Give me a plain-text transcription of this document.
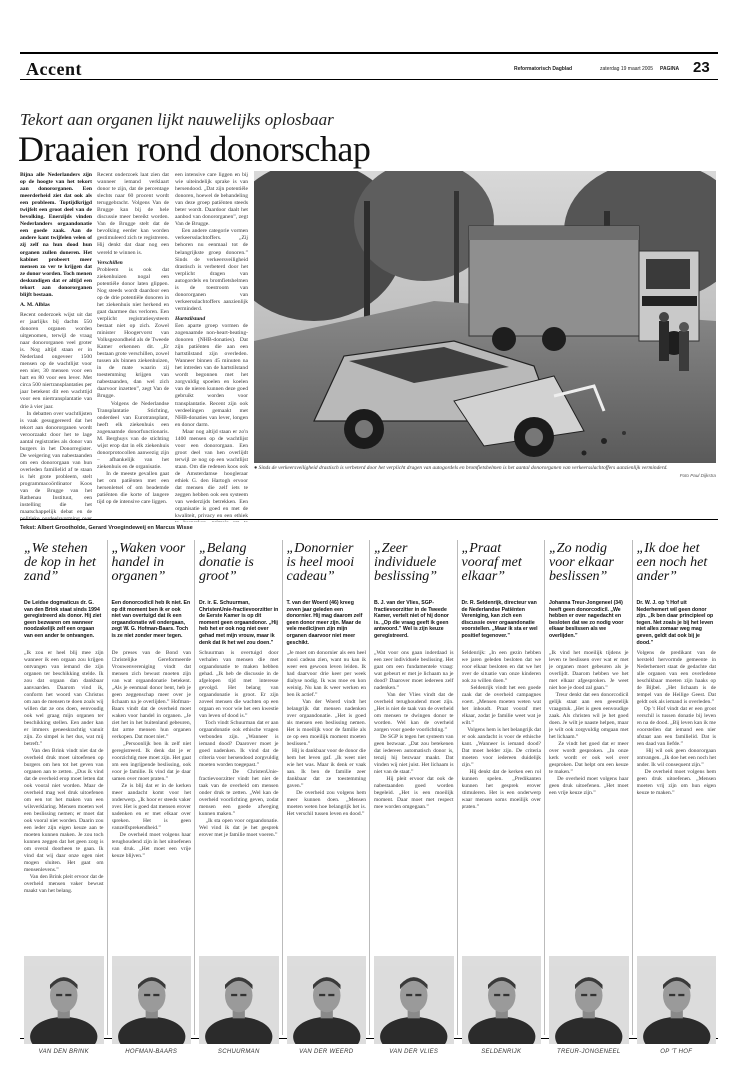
Accent	Reformatorisch Dagblad	zaterdag 19 maart 2005 PAGINA 23
Tekort aan organen lijkt nauwelijks oplosbaar
Draaien rond donorschap
Bijna alle Nederlanders zijn op de hoogte van het tekort aan donororganen. Een meerderheid ziet dat ook als een probleem. Toptijdkrijgd twijfelt een groot deel van de bevolking. Enerzijds vinden Nederlanders orgaandonatie een goede zaak. Aan de andere kant twijfelen velen of zij zelf na hun dood hun organen zullen doneren. Het kabinet probeert meer mensen zo ver te krijgen dat ze donor worden. Toch menen deskundigen dat er altijd een tekort aan donororganen blijft bestaan.
A. M. Alblas
Recent onderzoek wijst uit dat er jaarlijks bij dachts 550 donoren organen worden uitgenomen, terwijl de vraag naar donororganen veel groter is. Nog altijd staan er in Nederland ongeveer 1500 mensen op de wachtlijst voor een nier, 30 mensen voor een hart en 80 voor een lever. Met circa 500 niertransplantaties per jaar betekent dit een wachttijd voor een niertransplantatie van drie à vier jaar.
In debatten over wachtlijsten is vaak gesuggereerd dat het tekort aan donororganen wordt veroorzaakt door het te lage aantal registraties als donor van burgers in het Donorregister. De weigering van nabestaanden om een donororgaan van hun overleden familielid af te staan is hét grote probleem, stelt programmacoördinator Koos van de Brugge van het Rathenau Instituut, een instelling die het maatschappelijk debat en de

Recent onderzoek laat zien dat wanneer iemand verklaart donor te zijn, dat de percentage slechts naar 60 procent wordt teruggebracht. Volgens Van de Brugge kan bij de hele discussie meer bereikt worden. Van de Brugge stelt dat de bevolking eerder kan worden gestimuleerd zich te registreren. Hij denkt dat daar nog een wereld te winnen is.
Verschillen
Probleem is ook dat ziekenhuizen nogal een potentiële donor laten glippen. Nog steeds wordt daardoor een op de drie potentiële donoren in het ziekenhuis niet herkend en gaat daarmee dus verloren. Een verplicht registratiesysteem bestaat niet op zich. Zowel minister Hoogervorst van Volksgezondheid als de Tweede Kamer erkennen dit. „Er bestaan grote verschillen, zowel tussen als binnen ziekenhuizen, in de mate waarin zij toestemming krijgen van nabestaanden, dan wel zich daarvoor inzetten”, zegt Van de Brugge.
Volgens de Nederlandse Transplantatie Stichting, onderdeel van Eurotransplant, heeft elk ziekenhuis een zogenaamde donorfunctionaris. M. Berghuys van de stichting wijst erop dat in elk ziekenhuis donorprotocollen aanwezig zijn – afhankelijk van het ziekenhuis en de organisatie.
In de meeste gevallen gaat het om patiënten met een hersenletsel of om beademde patiënten die korte of langere tijd op de intensive care liggen.
een intensive care liggen en bij wie uiteindelijk sprake is van hersendood. „Dat zijn potentiële donoren, hoewel de behandeling van deze groep patiënten steeds beter wordt. Daardoor daalt het aanbod van donororganen”, zegt Van de Brugge.
Een andere categorie vormen verkeersslachtoffers. „Zij behoren nu eenmaal tot de belangrijkste groep donoren.” Sinds de verkeersveiligheid drastisch is verbeterd door het verplicht dragen van autogordels en bromfietshelmen is de toestroom van donororganen van verkeersslachtoffers aanzienlijk verminderd.
Hartstilstand
Een aparte groep vormen de zogenaamde non-heart-beating-donoren (NHB-donaties). Dat zijn patiënten die aan een hartstilstand zijn overleden. Wanneer binnen 45 minuten na het intreden van de hartstilstand wordt begonnen met het zorgvuldig spoelen en koelen van de nieren kunnen deze goed gebruikt worden voor transplantatie. Recent zijn ook verdeelingen gemaakt met NHB-donaties van lever, longen en donor darm.
Maar nog altijd staan er zo'n 1400 mensen op de wachtlijst voor een donororgaan. Een groot deel van hen overlijdt terwijl ze nog op een wachtlijst staan. Om die redenen koos ook de Amsterdamse hoogleraar ethiek G. den Hartogh ervoor dat mensen die zelf iets te zeggen hebben ook een systeem van wederzijds betrekken. Een organisatie is goed en met de kwaliteit, privacy en een ethiek
● Sinds de verkeersveiligheid drastisch is verbeterd door het verplicht dragen van autogordels en bromfietshelmen is het aantal donororganen van verkeersslachtoffers aanzienlijk verminderd.
Foto Paul Dijkstra
Tekst: Albert Grootholde, Gerard Vroegindeweij en Marcus Wisse
„We stehen de kop in het zand”
De Leidse dogmaticus dr. G. van den Brink staat sinds 1994 geregistreerd als donor. Hij ziet geen bezwaren om wanneer noodzakelijk zelf een orgaan van een ander te ontvangen.
„Ik zou er heel blij mee zijn wanneer ik een orgaan zou krijgen ontvangen van iemand die zijn organen ter beschikking stelde. Ik zou dat orgaan dan dankbaar aanvaarden. Daarom vind ik, conform het woord van Christus om aan de mensen te doen zoals wij willen dat ze ons doen, eenvoudig ook wel graag mijn organen ter beschikking stellen. Een ander kan er immers geneeskrachtig vanuit zijn. Zo simpel is het dus, wat mij betreft.”
Van den Brink vindt niet dat de overheid druk moet uitoefenen op burgers om hen tot het geven van organen aan te zetten. „Dus ik vind dat de overheid erop moet letten dat ook vooral niet worden. Maar de overheid mag wel druk uitoefenen om een tot het maken van een wilsverklaring. Mensen moeten wel een beslissing nemen; er moet dat ook vooral niet worden. Daarin zou een ieder zijn eigen keuze aan te moeten kunnen maken. Je zou toch kunnen zeggen dat het geen zorg is om overal doorheen te gaan. Ik vind dat wij daar onze ogen niet mogen sluiten. Het gaat om mensenlevens.”
Van den Brink pleit ervoor dat de overheid mensen vaker bewust maakt van het belang.
VAN DEN BRINK
„Waken voor handel in organen”
Een donorcodicil heb ik niet. En op dit moment ben ik er ook niet van overtuigd dat ik een orgaandonatie wil ondergaan, zegt W. G. Hofman-Baars. Toch is ze niet zonder meer tegen.
De preses van de Bond van Christelijke Gereformeerde Vrouwenvereniging vindt dat mensen zich bewust moeten zijn van wat orgaandonatie betekent. „Als je eenmaal donor bent, heb je geen zeggenschap meer over je lichaam na je overlijden.” Hofman-Baars vindt dat de overheid moet waken voor handel in organen. „Je ziet het in het buitenland gebeuren, dat arme mensen hun organen verkopen. Dat moet niet.”
„Persoonlijk ben ik zelf niet geregistreerd. Ik denk dat je er voorzichtig mee moet zijn. Het gaat om een ingrijpende beslissing, ook voor je familie. Ik vind dat je daar samen over moet praten.”
Ze is blij dat er in de kerken meer aandacht komt voor het onderwerp. „Ik hoor er steeds vaker over. Het is goed dat mensen erover nadenken en er met elkaar over spreken. Het is geen vanzelfsprekendheid.”
De overheid moet volgens haar terughoudend zijn in het uitoefenen van druk. „Het moet een vrije keuze blijven.”
HOFMAN-BAARS
„Belang donatie is groot”
Dr. ir. E. Schuurman, ChristenUnie-fractievoorzitter in de Eerste Kamer is op dit moment geen orgaandonor. „Hij heb het er ook nog niet over gehad met mijn vrouw, maar ik denk dat ik het wel zou doen.”
Schuurman is overtuigd door verhalen van mensen die met orgaandonatie te maken hebben gehad. „Ik heb de discussie in de afgelopen tijd met interesse gevolgd. Het belang van orgaandonatie is groot. Er zijn zoveel mensen die wachten op een orgaan en voor wie het een kwestie van leven of dood is.”
Toch vindt Schuurman dat er aan orgaandonatie ook ethische vragen verbonden zijn. „Wanneer is iemand dood? Daarover moet je goed nadenken. Ik vind dat de criteria voor hersendood zorgvuldig moeten worden toegepast.”
De ChristenUnie-fractievoorzitter vindt het niet de taak van de overheid om mensen onder druk te zetten. „Wel kan de overheid voorlichting geven, zodat mensen een goede afweging kunnen maken.”
„Ik sta open voor orgaandonatie. Wel vind ik dat je het gesprek erover met je familie moet voeren.”
SCHUURMAN
„Donornier is heel mooi cadeau”
T. van der Woerd (46) kreeg zeven jaar geleden een donornier. Hij mag daarom zelf geen donor meer zijn. Maar de vele medicijnen zijn mijn organen daarvoor niet meer geschikt.
„Je moet om donornier als een heel mooi cadeau zien, want nu kan ik weer een gewoon leven leiden. Ik had daarvoor drie keer per week dialyse nodig. Ik was moe en kon weinig. Nu kan ik weer werken en ben ik actief.”
Van der Woerd vindt het belangrijk dat mensen nadenken over orgaandonatie. „Het is goed als mensen een beslissing nemen. Het is moeilijk voor de familie als ze op een moeilijk moment moeten beslissen.”
Hij is dankbaar voor de donor die hem het leven gaf. „Ik weet niet wie het was. Maar ik denk er vaak aan. Ik ben de familie zeer dankbaar dat ze toestemming gaven.”
De overheid zou volgens hem meer kunnen doen. „Mensen moeten weten hoe belangrijk het is. Het verschil tussen leven en dood.”
VAN DER WEERD
„Zeer individuele beslissing”
B. J. van der Vlies, SGP-fractievoorzitter in de Tweede Kamer, vertelt niet of hij donor is. „Op die vraag geeft ik geen antwoord.” Wel is zijn keuze geregistreerd.
„Wat voor ons gaan inderdaad is een zeer individuele beslissing. Het gaat om een fundamentele vraag: wat gebeurt er met je lichaam na je dood? Daarover moet iedereen zelf nadenken.”
Van der Vlies vindt dat de overheid terughoudend moet zijn. „Het is niet de taak van de overheid om mensen te dwingen donor te worden. Wel kan de overheid zorgen voor goede voorlichting.”
De SGP is tegen het systeem van geen bezwaar. „Dat zou betekenen dat iedereen automatisch donor is, tenzij hij bezwaar maakt. Dat vinden wij niet juist. Het lichaam is niet van de staat.”
Hij pleit ervoor dat ook de nabestaanden goed worden begeleid. „Het is een moeilijk moment. Daar moet met respect mee worden omgegaan.”
VAN DER VLIES
„Praat vooraf met elkaar”
Dr. R. Seldenrijk, directeur van de Nederlandse Patiënten Vereniging, kan zich een discussie over orgaandonatie voorstellen. „Maar ik sta er wel positief tegenover.”
Seldenrijk: „In een gezin hebben we jaren geleden besloten dat we voor elkaar besloten en dat we het over de situatie van onze kinderen ook zo willen doen.”
Seldenrijk vindt het een goede zaak dat de overheid campagnes voert. „Mensen moeten weten wat het inhoudt. Praat vooraf met elkaar, zodat je familie weet wat je wilt.”
Volgens hem is het belangrijk dat er ook aandacht is voor de ethische kant. „Wanneer is iemand dood? Dat moet helder zijn. De criteria moeten voor iedereen duidelijk zijn.”
Hij denkt dat de kerken een rol kunnen spelen. „Predikanten kunnen het gesprek erover stimuleren. Het is een onderwerp waar mensen soms moeilijk over praten.”
SELDENRIJK
„Zo nodig voor elkaar beslissen”
Johanna Treur-Jongeneel (34) heeft geen donorcodicil. „We hebben er over nagedacht en besloten dat we zo nodig voor elkaar beslissen als we overlijden.”
„Ik vind het moeilijk tijdens je leven te beslissen over wat er met je organen moet gebeuren als je overlijdt. Daarom hebben we het met elkaar afgesproken. Je weet niet hoe je dood zal gaan.”
Treur denkt dat een donorcodicil gelijk staat aan een geestelijk vraagstuk. „Het is geen eenvoudige zaak. Als christen wil je het goed doen. Je wilt je naaste helpen, maar je wilt ook zorgvuldig omgaan met het lichaam.”
Ze vindt het goed dat er meer over wordt gesproken. „In onze kerk wordt er ook wel over gesproken. Dat helpt om een keuze te maken.”
De overheid moet volgens haar geen druk uitoefenen. „Het moet een vrije keuze zijn.”
TREUR-JONGENEEL
„Ik doe het een noch het ander”
Dr. W. J. op 't Hof uit Nederhemert wil geen donor zijn. „Ik ben daar principieel op tegen. Net zoals je bij het leven niet alles zomaar weg mag geven, geldt dat ook bij je dood.”
Volgens de predikant van de hersteld hervormde gemeente in Nederhemert staat de gedachte dat alle organen van een overledene beschikbaar moeten zijn haaks op de Bijbel. „Het lichaam is de tempel van de Heilige Geest. Dat geldt ook als iemand is overleden.”
Op 't Hof vindt dat er een groot verschil is tussen donatie bij leven en na de dood. „Bij leven kan ik me voorstellen dat iemand een nier afstaat aan een familielid. Dat is een daad van liefde.”
Hij wil ook geen donororgaan ontvangen. „Ik doe het een noch het ander. Ik wil consequent zijn.”
De overheid moet volgens hem geen druk uitoefenen. „Mensen moeten vrij zijn om hun eigen keuze te maken.”
OP 'T HOF
